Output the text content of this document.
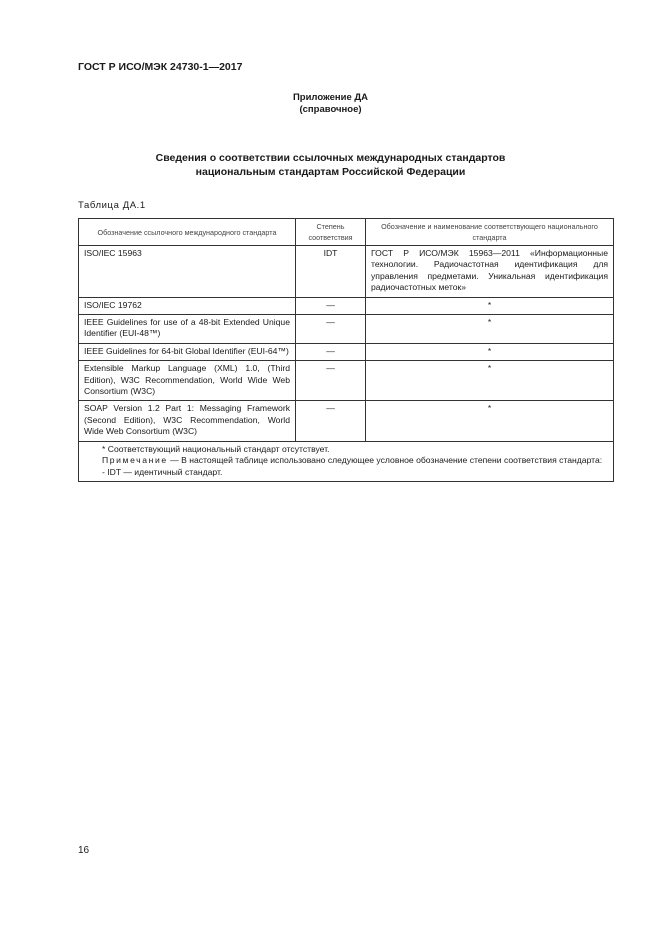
ГОСТ Р ИСО/МЭК 24730-1—2017
Приложение ДА
(справочное)
Сведения о соответствии ссылочных международных стандартов
национальным стандартам Российской Федерации
Таблица ДА.1
Обозначение ссылочного международного стандарта	Степень соответствия	Обозначение и наименование соответствующего национального стандарта
ISO/IEC 15963	IDT	ГОСТ Р ИСО/МЭК 15963—2011 «Информационные технологии. Радиочастотная идентификация для управления предметами. Уникальная идентификация радиочастотных меток»
ISO/IEC 19762	—	*
IEEE Guidelines for use of a 48-bit Extended Unique Identifier (EUI-48™)	—	*
IEEE Guidelines for 64-bit Global Identifier (EUI-64™)	—	*
Extensible Markup Language (XML) 1.0, (Third Edition), W3C Recommendation, World Wide Web Consortium (W3C)	—	*
SOAP Version 1.2 Part 1: Messaging Framework (Second Edition), W3C Recommendation, World Wide Web Consortium (W3C)	—	*

* Соответствующий национальный стандарт отсутствует.
Примечание — В настоящей таблице использовано следующее условное обозначение степени соответствия стандарта:
- IDT — идентичный стандарт.		
16
